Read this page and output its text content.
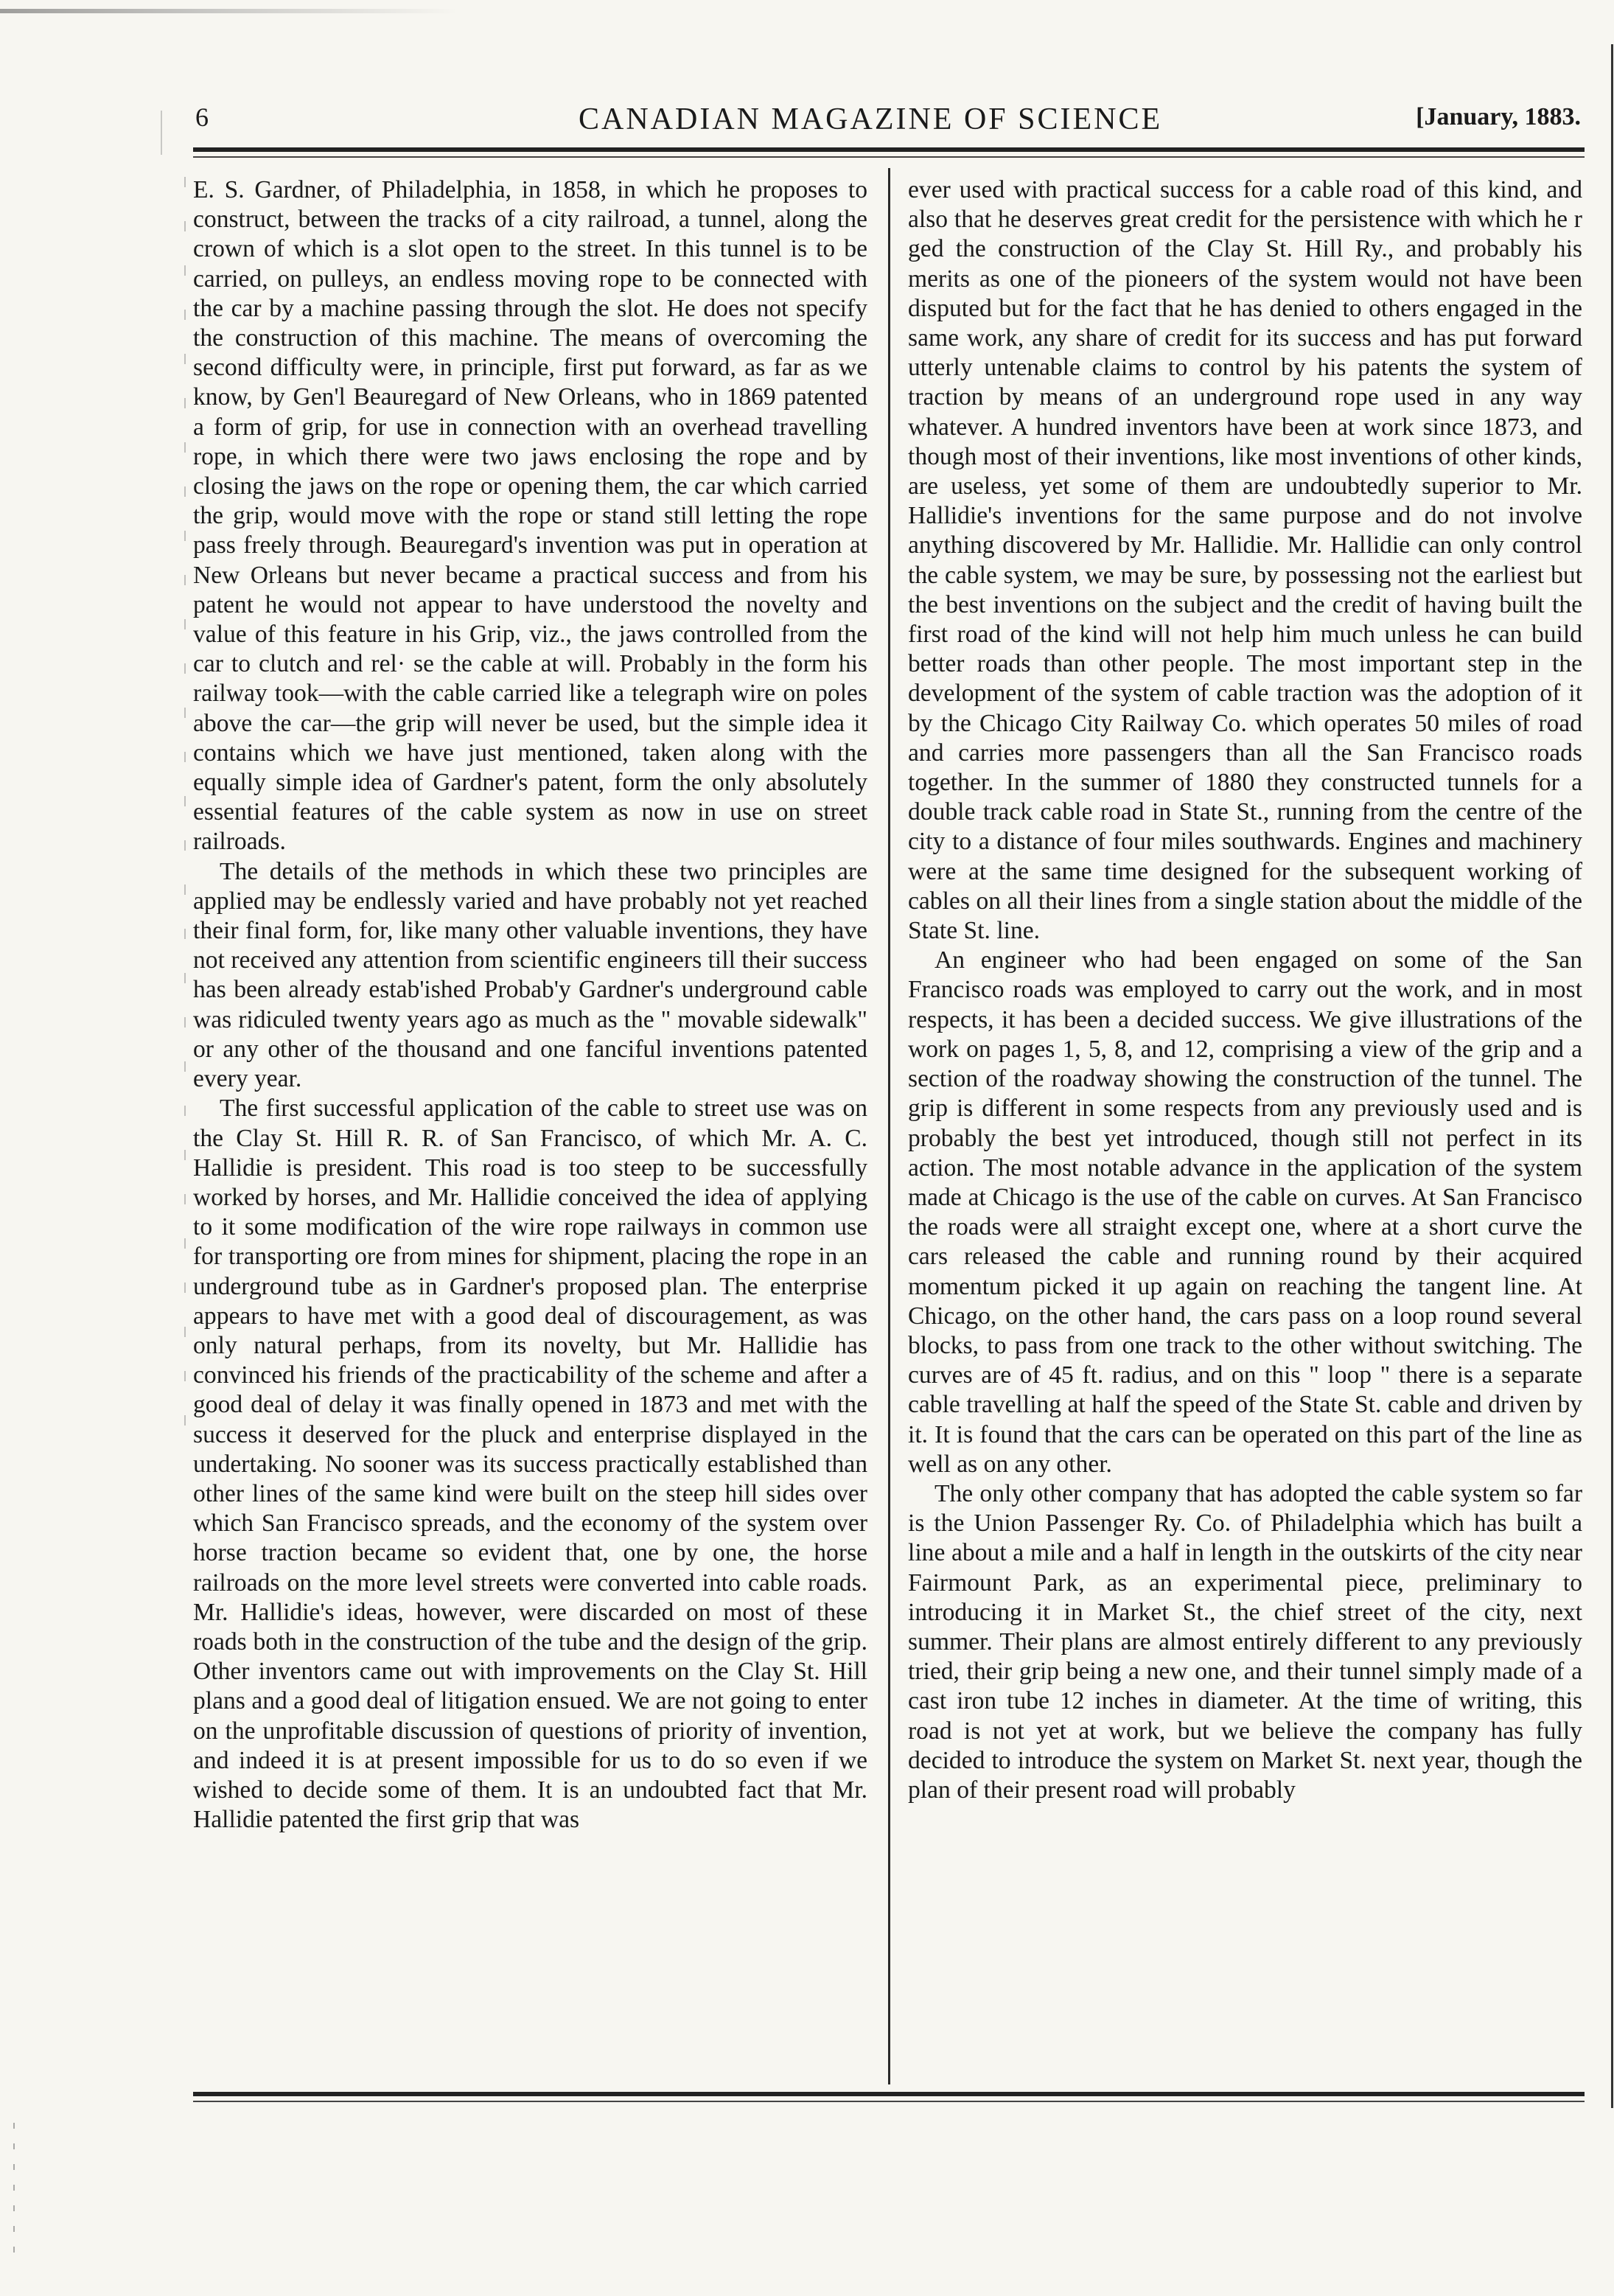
6	CANADIAN MAGAZINE OF SCIENCE	[January, 1883.

E. S. Gardner, of Philadelphia, in 1858, in which he proposes to construct, between the tracks of a city railroad, a tunnel, along the crown of which is a slot open to the street. In this tunnel is to be carried, on pulleys, an endless moving rope to be connected with the car by a machine passing through the slot. He does not specify the construction of this machine. The means of overcoming the second difficulty were, in principle, first put forward, as far as we know, by Gen'l Beauregard of New Orleans, who in 1869 patented a form of grip, for use in connection with an overhead travelling rope, in which there were two jaws enclosing the rope and by closing the jaws on the rope or opening them, the car which carried the grip, would move with the rope or stand still letting the rope pass freely through. Beauregard's invention was put in operation at New Orleans but never became a practical success and from his patent he would not appear to have understood the novelty and value of this feature in his Grip, viz., the jaws controlled from the car to clutch and rel· se the cable at will. Probably in the form his railway took—with the cable carried like a telegraph wire on poles above the car—the grip will never be used, but the simple idea it contains which we have just mentioned, taken along with the equally simple idea of Gardner's patent, form the only absolutely essential features of the cable system as now in use on street railroads.

The details of the methods in which these two principles are applied may be endlessly varied and have probably not yet reached their final form, for, like many other valuable inventions, they have not received any attention from scientific engineers till their success has been already estab'ished Probab'y Gardner's underground cable was ridiculed twenty years ago as much as the " movable sidewalk" or any other of the thousand and one fanciful inventions patented every year.

The first successful application of the cable to street use was on the Clay St. Hill R. R. of San Francisco, of which Mr. A. C. Hallidie is president. This road is too steep to be successfully worked by horses, and Mr. Hallidie conceived the idea of applying to it some modification of the wire rope railways in common use for transporting ore from mines for shipment, placing the rope in an underground tube as in Gardner's proposed plan. The enterprise appears to have met with a good deal of discouragement, as was only natural perhaps, from its novelty, but Mr. Hallidie has convinced his friends of the practicability of the scheme and after a good deal of delay it was finally opened in 1873 and met with the success it deserved for the pluck and enterprise displayed in the undertaking. No sooner was its success practically established than other lines of the same kind were built on the steep hill sides over which San Francisco spreads, and the economy of the system over horse traction became so evident that, one by one, the horse railroads on the more level streets were converted into cable roads. Mr. Hallidie's ideas, however, were discarded on most of these roads both in the construction of the tube and the design of the grip. Other inventors came out with improvements on the Clay St. Hill plans and a good deal of litigation ensued. We are not going to enter on the unprofitable discussion of questions of priority of invention, and indeed it is at present impossible for us to do so even if we wished to decide some of them. It is an undoubted fact that Mr. Hallidie patented the first grip that was

ever used with practical success for a cable road of this kind, and also that he deserves great credit for the persistence with which he r ged the construction of the Clay St. Hill Ry., and probably his merits as one of the pioneers of the system would not have been disputed but for the fact that he has denied to others engaged in the same work, any share of credit for its success and has put forward utterly untenable claims to control by his patents the system of traction by means of an underground rope used in any way whatever. A hundred inventors have been at work since 1873, and though most of their inventions, like most inventions of other kinds, are useless, yet some of them are undoubtedly superior to Mr. Hallidie's inventions for the same purpose and do not involve anything discovered by Mr. Hallidie. Mr. Hallidie can only control the cable system, we may be sure, by possessing not the earliest but the best inventions on the subject and the credit of having built the first road of the kind will not help him much unless he can build better roads than other people. The most important step in the development of the system of cable traction was the adoption of it by the Chicago City Railway Co. which operates 50 miles of road and carries more passengers than all the San Francisco roads together. In the summer of 1880 they constructed tunnels for a double track cable road in State St., running from the centre of the city to a distance of four miles southwards. Engines and machinery were at the same time designed for the subsequent working of cables on all their lines from a single station about the middle of the State St. line.

An engineer who had been engaged on some of the San Francisco roads was employed to carry out the work, and in most respects, it has been a decided success. We give illustrations of the work on pages 1, 5, 8, and 12, comprising a view of the grip and a section of the roadway showing the construction of the tunnel. The grip is different in some respects from any previously used and is probably the best yet introduced, though still not perfect in its action. The most notable advance in the application of the system made at Chicago is the use of the cable on curves. At San Francisco the roads were all straight except one, where at a short curve the cars released the cable and running round by their acquired momentum picked it up again on reaching the tangent line. At Chicago, on the other hand, the cars pass on a loop round several blocks, to pass from one track to the other without switching. The curves are of 45 ft. radius, and on this " loop " there is a separate cable travelling at half the speed of the State St. cable and driven by it. It is found that the cars can be operated on this part of the line as well as on any other.

The only other company that has adopted the cable system so far is the Union Passenger Ry. Co. of Philadelphia which has built a line about a mile and a half in length in the outskirts of the city near Fairmount Park, as an experimental piece, preliminary to introducing it in Market St., the chief street of the city, next summer. Their plans are almost entirely different to any previously tried, their grip being a new one, and their tunnel simply made of a cast iron tube 12 inches in diameter. At the time of writing, this road is not yet at work, but we believe the company has fully decided to introduce the system on Market St. next year, though the plan of their present road will probably
